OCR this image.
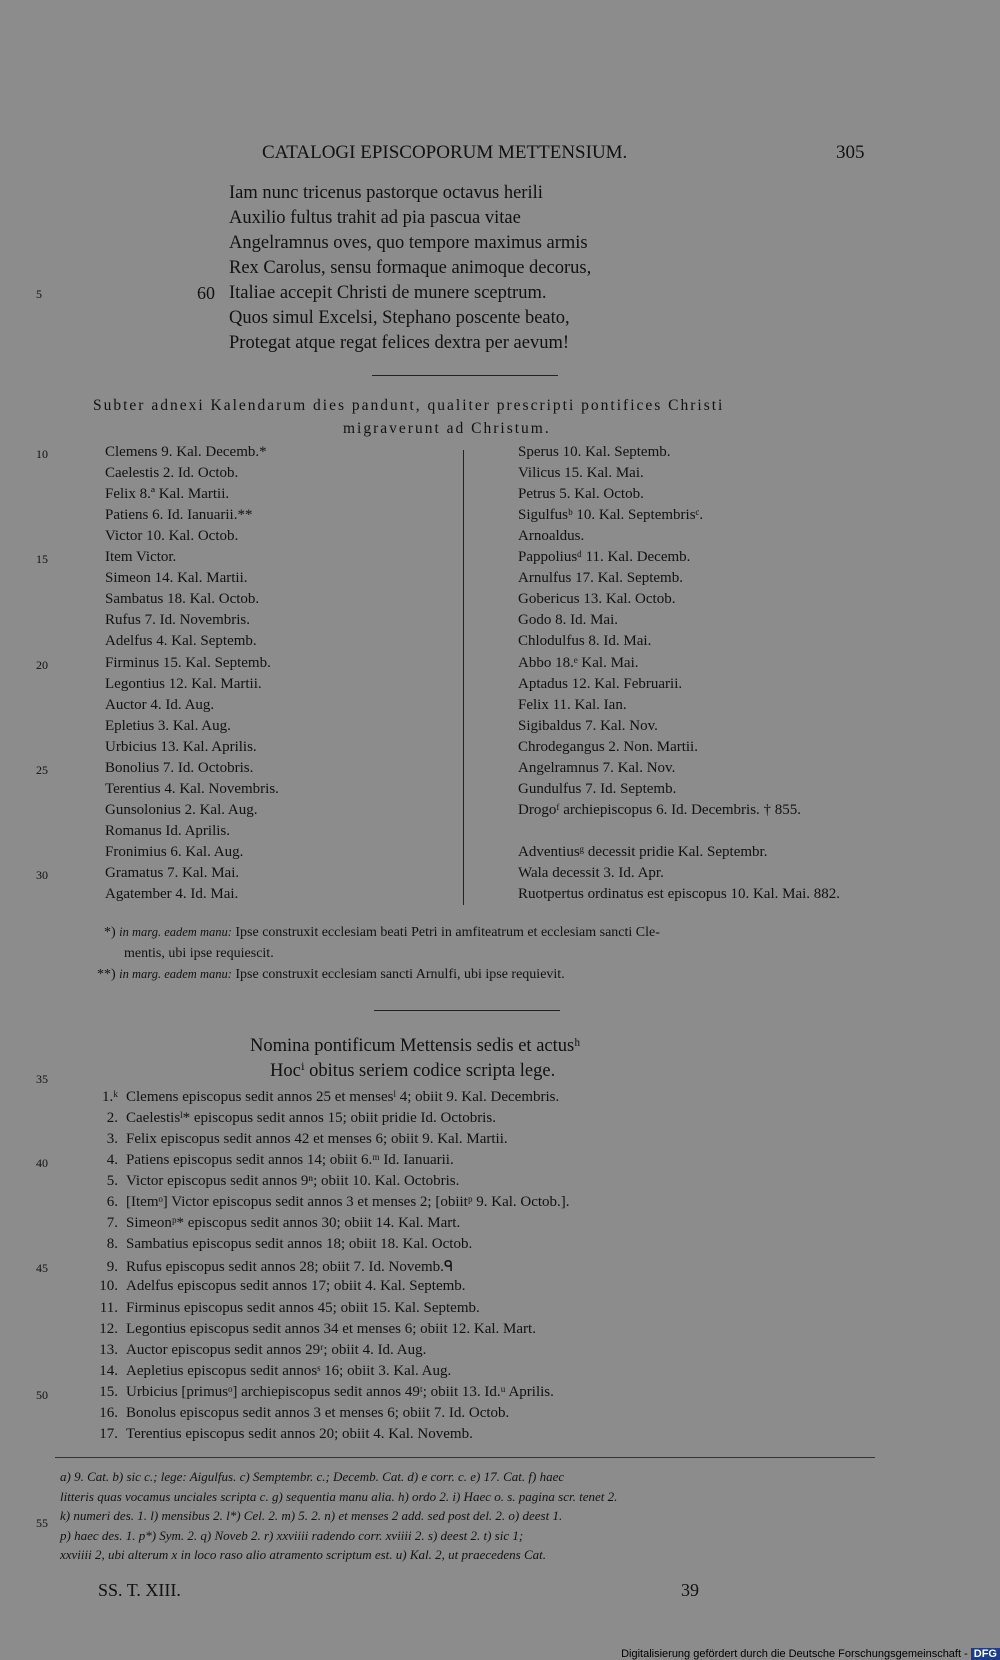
CATALOGI EPISCOPORUM METTENSIUM.	305
Iam nunc tricenus pastorque octavus herili
Auxilio fultus trahit ad pia pascua vitae
Angelramnus oves, quo tempore maximus armis
Rex Carolus, sensu formaque animoque decorus,
Italiae accepit Christi de munere sceptrum.
60
5
Quos simul Excelsi, Stephano poscente beato,
Protegat atque regat felices dextra per aevum!
Subter adnexi Kalendarum dies pandunt, qualiter prescripti pontifices Christi
migraverunt ad Christum.
Clemens 9. Kal. Decemb.*
Caelestis 2. Id. Octob.
Felix 8.ª Kal. Martii.
Patiens 6. Id. Ianuarii.**
Victor 10. Kal. Octob.
Item Victor.
Simeon 14. Kal. Martii.
Sambatus 18. Kal. Octob.
Rufus 7. Id. Novembris.
Adelfus 4. Kal. Septemb.
Firminus 15. Kal. Septemb.
Legontius 12. Kal. Martii.
Auctor 4. Id. Aug.
Epletius 3. Kal. Aug.
Urbicius 13. Kal. Aprilis.
Bonolius 7. Id. Octobris.
Terentius 4. Kal. Novembris.
Gunsolonius 2. Kal. Aug.
Romanus Id. Aprilis.
Fronimius 6. Kal. Aug.
Gramatus 7. Kal. Mai.
Agatember 4. Id. Mai.
Sperus 10. Kal. Septemb.
Vilicus 15. Kal. Mai.
Petrus 5. Kal. Octob.
Sigulfusᵇ 10. Kal. Septembrisᶜ.
Arnoaldus.
Pappoliusᵈ 11. Kal. Decemb.
Arnulfus 17. Kal. Septemb.
Gobericus 13. Kal. Octob.
Godo 8. Id. Mai.
Chlodulfus 8. Id. Mai.
Abbo 18.ᵉ Kal. Mai.
Aptadus 12. Kal. Februarii.
Felix 11. Kal. Ian.
Sigibaldus 7. Kal. Nov.
Chrodegangus 2. Non. Martii.
Angelramnus 7. Kal. Nov.
Gundulfus 7. Id. Septemb.
Drogoᶠ archiepiscopus 6. Id. Decembris. † 855.
Adventiusᵍ decessit pridie Kal. Septembr.
Wala decessit 3. Id. Apr.
Ruotpertus ordinatus est episcopus 10. Kal. Mai. 882.
10
15
20
25
30
*) in marg. eadem manu: Ipse construxit ecclesiam beati Petri in amfiteatrum et ecclesiam sancti Cle-
mentis, ubi ipse requiescit.
**) in marg. eadem manu: Ipse construxit ecclesiam sancti Arnulfi, ubi ipse requievit.
Nomina pontificum Mettensis sedis et actusʰ
Hocⁱ obitus seriem codice scripta lege.
1.ᵏ Clemens episcopus sedit annos 25 et mensesˡ 4; obiit 9. Kal. Decembris.
2. Caelestisˡ* episcopus sedit annos 15; obiit pridie Id. Octobris.
3. Felix episcopus sedit annos 42 et menses 6; obiit 9. Kal. Martii.
4. Patiens episcopus sedit annos 14; obiit 6.ᵐ Id. Ianuarii.
5. Victor episcopus sedit annos 9ⁿ; obiit 10. Kal. Octobris.
6. [Itemᵒ] Victor episcopus sedit annos 3 et menses 2; [obiitᵖ 9. Kal. Octob.].
7. Simeonᵖ* episcopus sedit annos 30; obiit 14. Kal. Mart.
8. Sambatius episcopus sedit annos 18; obiit 18. Kal. Octob.
9. Rufus episcopus sedit annos 28; obiit 7. Id. Novemb.ᑫ
10. Adelfus episcopus sedit annos 17; obiit 4. Kal. Septemb.
11. Firminus episcopus sedit annos 45; obiit 15. Kal. Septemb.
12. Legontius episcopus sedit annos 34 et menses 6; obiit 12. Kal. Mart.
13. Auctor episcopus sedit annos 29ʳ; obiit 4. Id. Aug.
14. Aepletius episcopus sedit annosˢ 16; obiit 3. Kal. Aug.
15. Urbicius [primusᵒ] archiepiscopus sedit annos 49ᵗ; obiit 13. Id.ᵘ Aprilis.
16. Bonolus episcopus sedit annos 3 et menses 6; obiit 7. Id. Octob.
17. Terentius episcopus sedit annos 20; obiit 4. Kal. Novemb.
35
40
45
50
a) 9. Cat. b) sic c.; lege: Aigulfus. c) Semptembr. c.; Decemb. Cat. d) e corr. c. e) 17. Cat. f) haec
litteris quas vocamus unciales scripta c. g) sequentia manu alia. h) ordo 2. i) Haec o. s. pagina scr. tenet 2.
k) numeri des. 1. l) mensibus 2. l*) Cel. 2. m) 5. 2. n) et menses 2 add. sed post del. 2. o) deest 1.
p) haec des. 1. p*) Sym. 2. q) Noveb 2. r) xxviiii radendo corr. xviiii 2. s) deest 2. t) sic 1;
xxviiii 2, ubi alterum x in loco raso alio atramento scriptum est. u) Kal. 2, ut praecedens Cat.
55
SS. T. XIII.	39
Digitalisierung gefördert durch die Deutsche Forschungsgemeinschaft - DFG
